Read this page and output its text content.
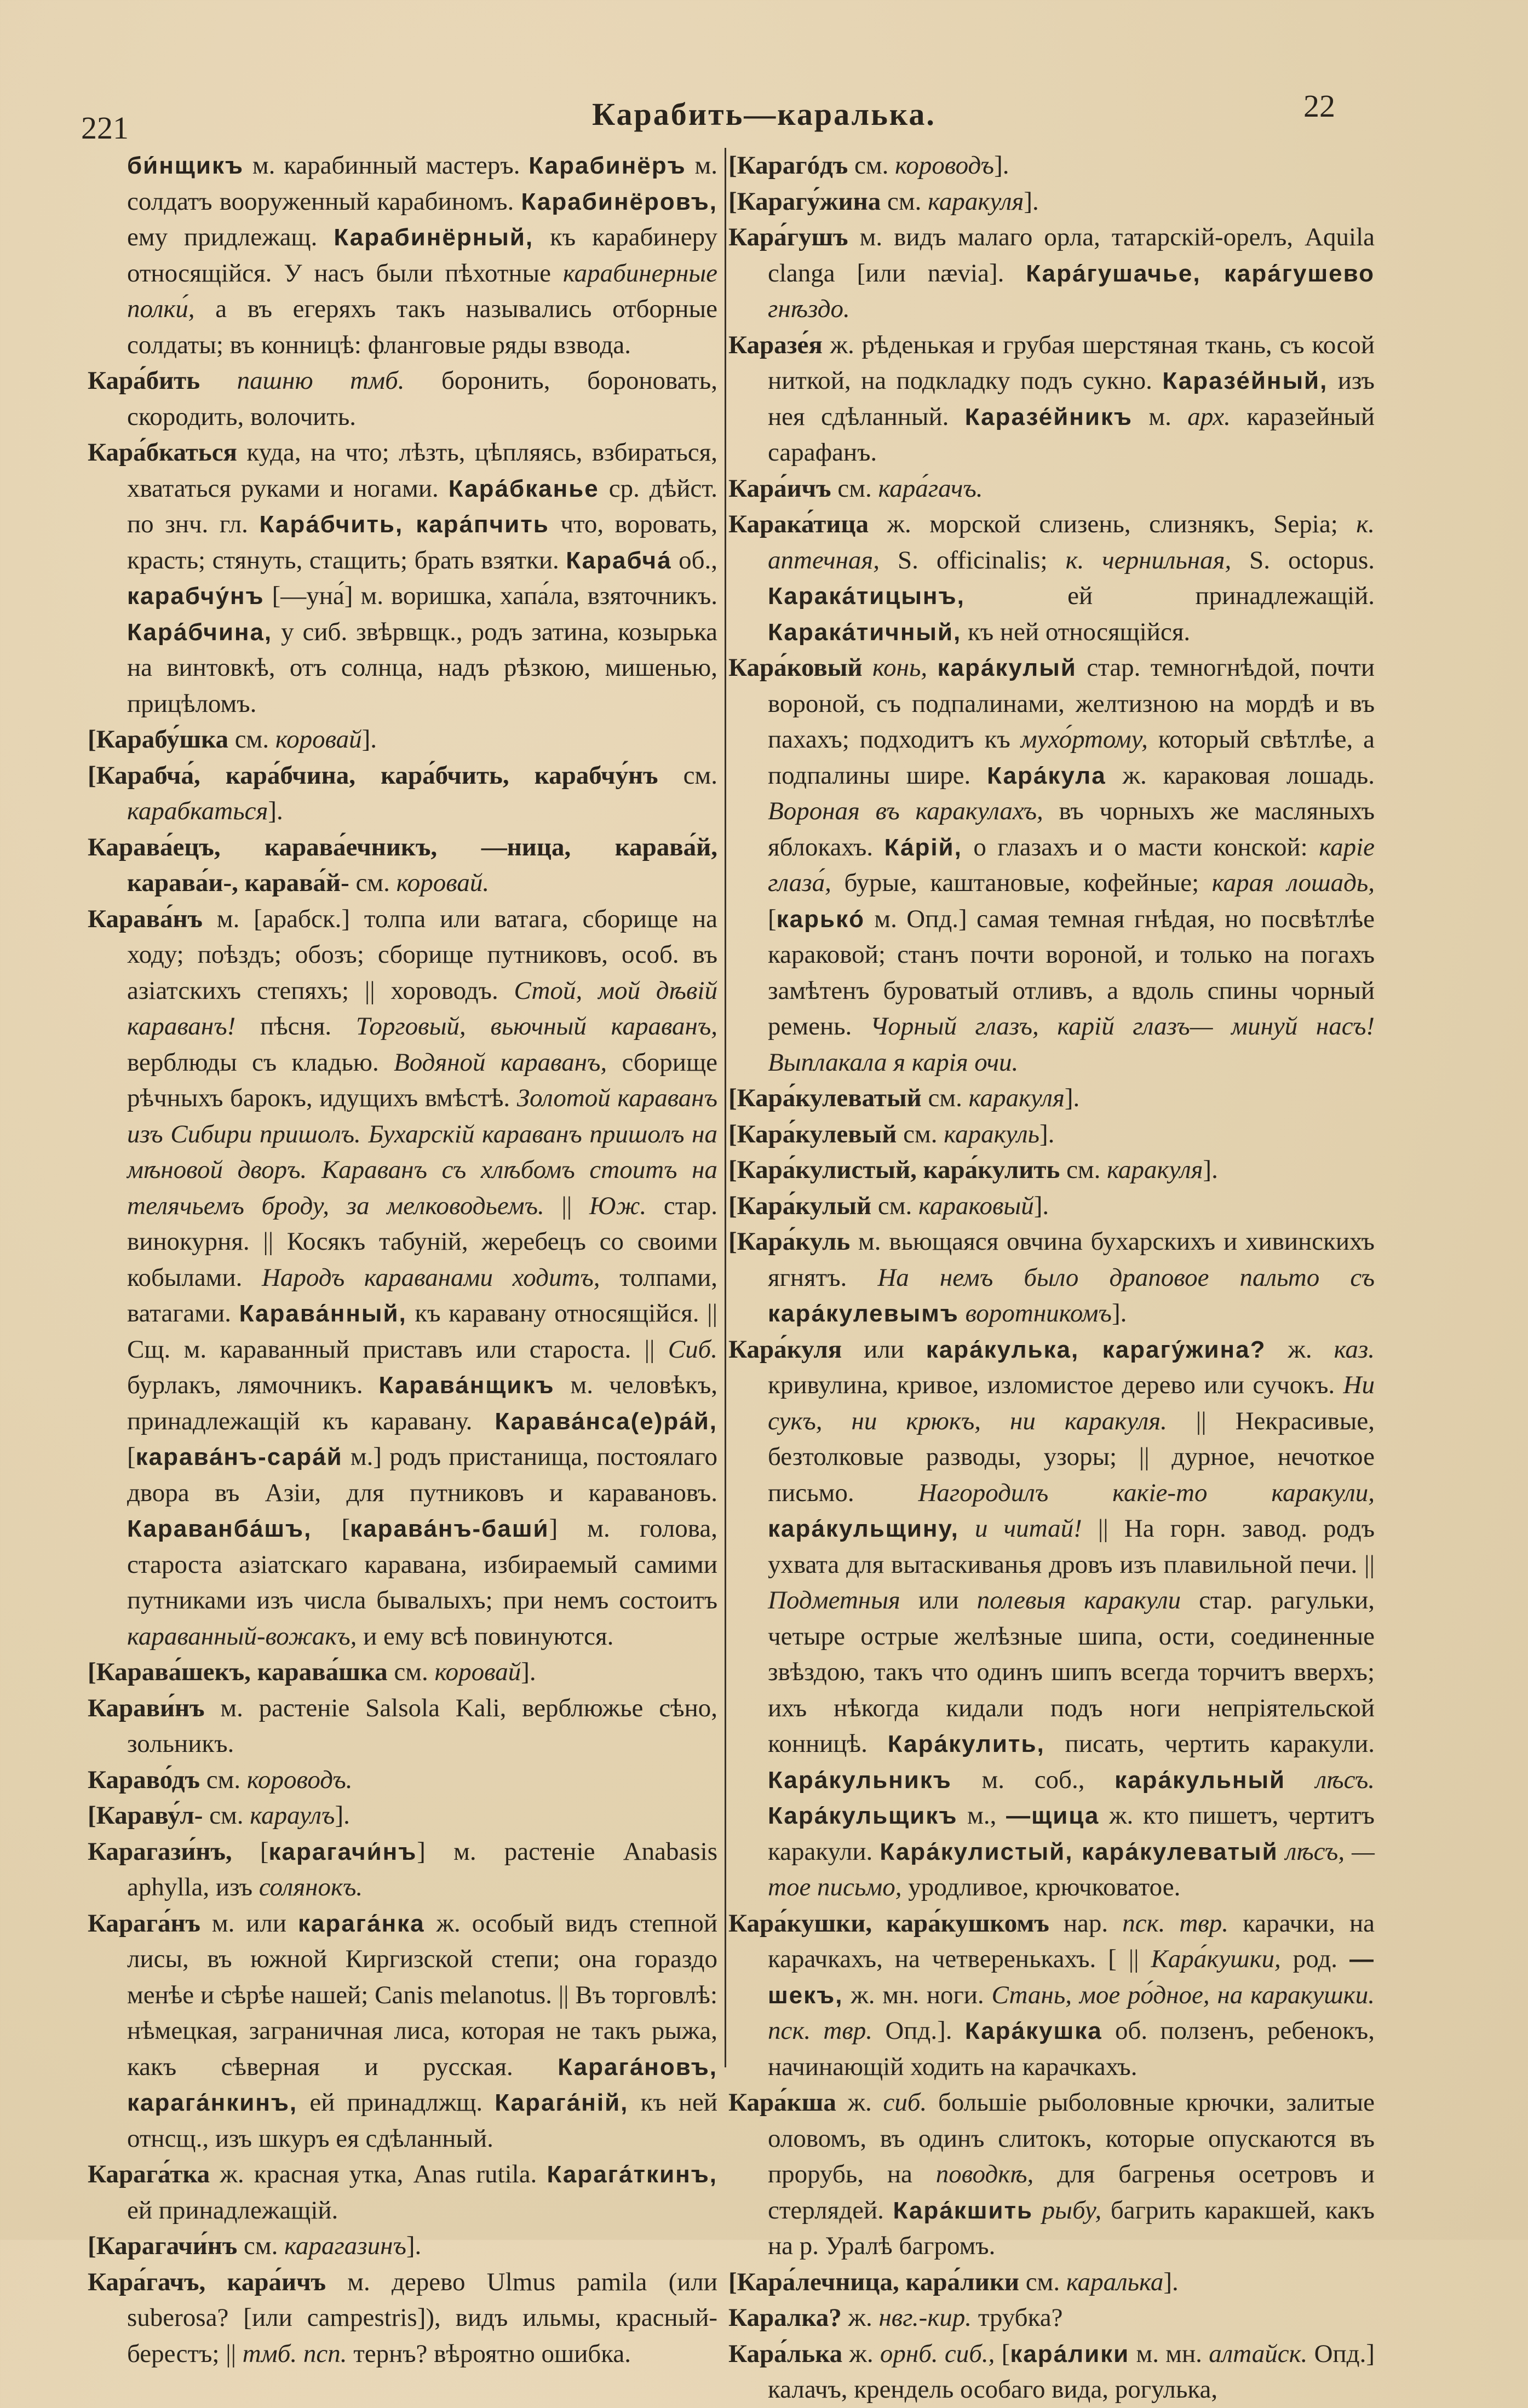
221	Карабить—каралька.	22

би́нщикъ м. карабинный мастеръ. Карабинёръ м. солдатъ вооруженный карабиномъ. Карабинёровъ, ему придлежащ. Карабинёрный, къ карабинеру относящійся. У насъ были пѣхотные карабинерные полки́, а въ егеряхъ такъ назывались отборные солдаты; въ конницѣ: фланговые ряды взвода.

Кара́бить пашню тмб. боронить, бороновать, скородить, волочить.

Кара́бкаться куда, на что; лѣзть, цѣпляясь, взбираться, хвататься руками и ногами. Кара́бканье ср. дѣйст. по знч. гл. Кара́бчить, кара́пчить что, воровать, красть; стянуть, стащить; брать взятки. Карабча́ об., карабчу́нъ [—уна́] м. воришка, хапа́ла, взяточникъ. Кара́бчина, у сиб. звѣрвщк., родъ затина, козырька на винтовкѣ, отъ солнца, надъ рѣзкою, мишенью, прицѣломъ.

[Карабу́шка см. коровай].

[Карабча́, кара́бчина, кара́бчить, карабчу́нъ см. карабкаться].

Карава́ецъ, карава́ечникъ, —ница, карава́й, карава́и-, карава́й- см. коровай.

Карава́нъ м. [арабск.] толпа или ватага, сборище на ходу; поѣздъ; обозъ; сборище путниковъ, особ. въ азіатскихъ степяхъ; || хороводъ. Стой, мой дѣвій караванъ! пѣсня. Торговый, вьючный караванъ, верблюды съ кладью. Водяной караванъ, сборище рѣчныхъ барокъ, идущихъ вмѣстѣ. Золотой караванъ изъ Сибири пришолъ. Бухарскій караванъ пришолъ на мѣновой дворъ. Караванъ съ хлѣбомъ стоитъ на телячьемъ броду, за мелководьемъ. || Юж. стар. винокурня. || Косякъ табуній, жеребецъ со своими кобылами. Народъ караванами ходитъ, толпами, ватагами. Карава́нный, къ каравану относящійся. || Сщ. м. караванный приставъ или староста. || Сиб. бурлакъ, лямочникъ. Карава́нщикъ м. человѣкъ, принадлежащій къ каравану. Карава́нса(е)ра́й, [карава́нъ-сара́й м.] родъ пристанища, постоялаго двора въ Азіи, для путниковъ и каравановъ. Караванба́шъ, [карава́нъ-баши́] м. голова, староста азіатскаго каравана, избираемый самими путниками изъ числа бывалыхъ; при немъ состоитъ караванный-вожакъ, и ему всѣ повинуются.

[Карава́шекъ, карава́шка см. коровай].

Карави́нъ м. растеніе Salsola Kali, верблюжье сѣно, зольникъ.

Караво́дъ см. короводъ.

[Караву́л- см. караулъ].

Карагази́нъ, [карагачи́нъ] м. растеніе Anabasis aphylla, изъ солянокъ.

Карага́нъ м. или карага́нка ж. особый видъ степной лисы, въ южной Киргизской степи; она гораздо менѣе и сѣрѣе нашей; Canis melanotus. || Въ торговлѣ: нѣмецкая, заграничная лиса, которая не такъ рыжа, какъ сѣверная и русская. Карага́новъ, карага́нкинъ, ей принадлжщ. Карага́ній, къ ней отнсщ., изъ шкуръ ея сдѣланный.

Карага́тка ж. красная утка, Anas rutila. Карага́ткинъ, ей принадлежащій.

[Карагачи́нъ см. карагазинъ].

Кара́гачъ, кара́ичъ м. дерево Ulmus pamila (или suberosa? [или campestris]), видъ ильмы, красный-берестъ; || тмб. псп. тернъ? вѣроятно ошибка.

[Карагóдъ см. короводъ].

[Карагу́жина см. каракуля].

Кара́гушъ м. видъ малаго орла, татарскій-орелъ, Aquila clanga [или nævia]. Кара́гушачье, кара́гушево гнѣздо.

Каразе́я ж. рѣденькая и грубая шерстяная ткань, съ косой ниткой, на подкладку подъ сукно. Каразе́йный, изъ нея сдѣланный. Каразе́йникъ м. арх. каразейный сарафанъ.

Кара́ичъ см. кара́гачъ.

Карака́тица ж. морской слизень, слизнякъ, Sepia; к. аптечная, S. officinalis; к. чернильная, S. octopus. Карака́тицынъ, ей принадлежащій. Карака́тичный, къ ней относящійся.

Кара́ковый конь, кара́кулый стар. темногнѣдой, почти вороной, съ подпалинами, желтизною на мордѣ и въ пахахъ; подходитъ къ мухо́ртому, который свѣтлѣе, а подпалины шире. Кара́кула ж. караковая лошадь. Вороная въ каракулахъ, въ чорныхъ же масляныхъ яблокахъ. Ка́рій, о глазахъ и о масти конской: каріе глаза́, бурые, каштановые, кофейные; карая лошадь, [карькó м. Опд.] самая темная гнѣдая, но посвѣтлѣе караковой; станъ почти вороной, и только на погахъ замѣтенъ буроватый отливъ, а вдоль спины чорный ремень. Чорный глазъ, карій глазъ— минуй насъ! Выплакала я карія очи.

[Кара́кулеватый см. каракуля].

[Кара́кулевый см. каракуль].

[Кара́кулистый, кара́кулить см. каракуля].

[Кара́кулый см. караковый].

[Кара́куль м. вьющаяся овчина бухарскихъ и хивинскихъ ягнятъ. На немъ было драповое пальто съ кара́кулевымъ воротникомъ].

Кара́куля или кара́кулька, карагу́жина? ж. каз. кривулина, кривое, изломистое дерево или сучокъ. Ни сукъ, ни крюкъ, ни каракуля. || Некрасивые, безтолковые разводы, узоры; || дурное, нечоткое письмо. Нагородилъ какіе-то каракули, кара́кульщину, и читай! || На горн. завод. родъ ухвата для вытаскиванья дровъ изъ плавильной печи. || Подметныя или полевыя каракули стар. рагульки, четыре острые желѣзные шипа, ости, соединенные звѣздою, такъ что одинъ шипъ всегда торчитъ вверхъ; ихъ нѣкогда кидали подъ ноги непріятельской конницѣ. Кара́кулить, писать, чертить каракули. Кара́кульникъ м. соб., кара́кульный лѣсъ. Кара́кульщикъ м., —щица ж. кто пишетъ, чертитъ каракули. Кара́кулистый, кара́кулеватый лѣсъ, —тое письмо, уродливое, крючковатое.

Кара́кушки, кара́кушкомъ нар. пск. твр. карачки, на карачкахъ, на четверенькахъ. [ || Кара́кушки, род. —шекъ, ж. мн. ноги. Стань, мое ро́дное, на каракушки. пск. твр. Опд.]. Кара́кушка об. ползенъ, ребенокъ, начинающій ходить на карачкахъ.

Кара́кша ж. сиб. большіе рыболовные крючки, залитые оловомъ, въ одинъ слитокъ, которые опускаются въ прорубь, на поводкѣ, для багренья осетровъ и стерлядей. Кара́кшить рыбу, багрить каракшей, какъ на р. Уралѣ багромъ.

[Кара́лечница, кара́лики см. каралька].

Каралка? ж. нвг.-кир. трубка?

Кара́лька ж. орнб. сиб., [кара́лики м. мн. алтайск. Опд.] калачъ, крендель особаго вида, рогулька,
